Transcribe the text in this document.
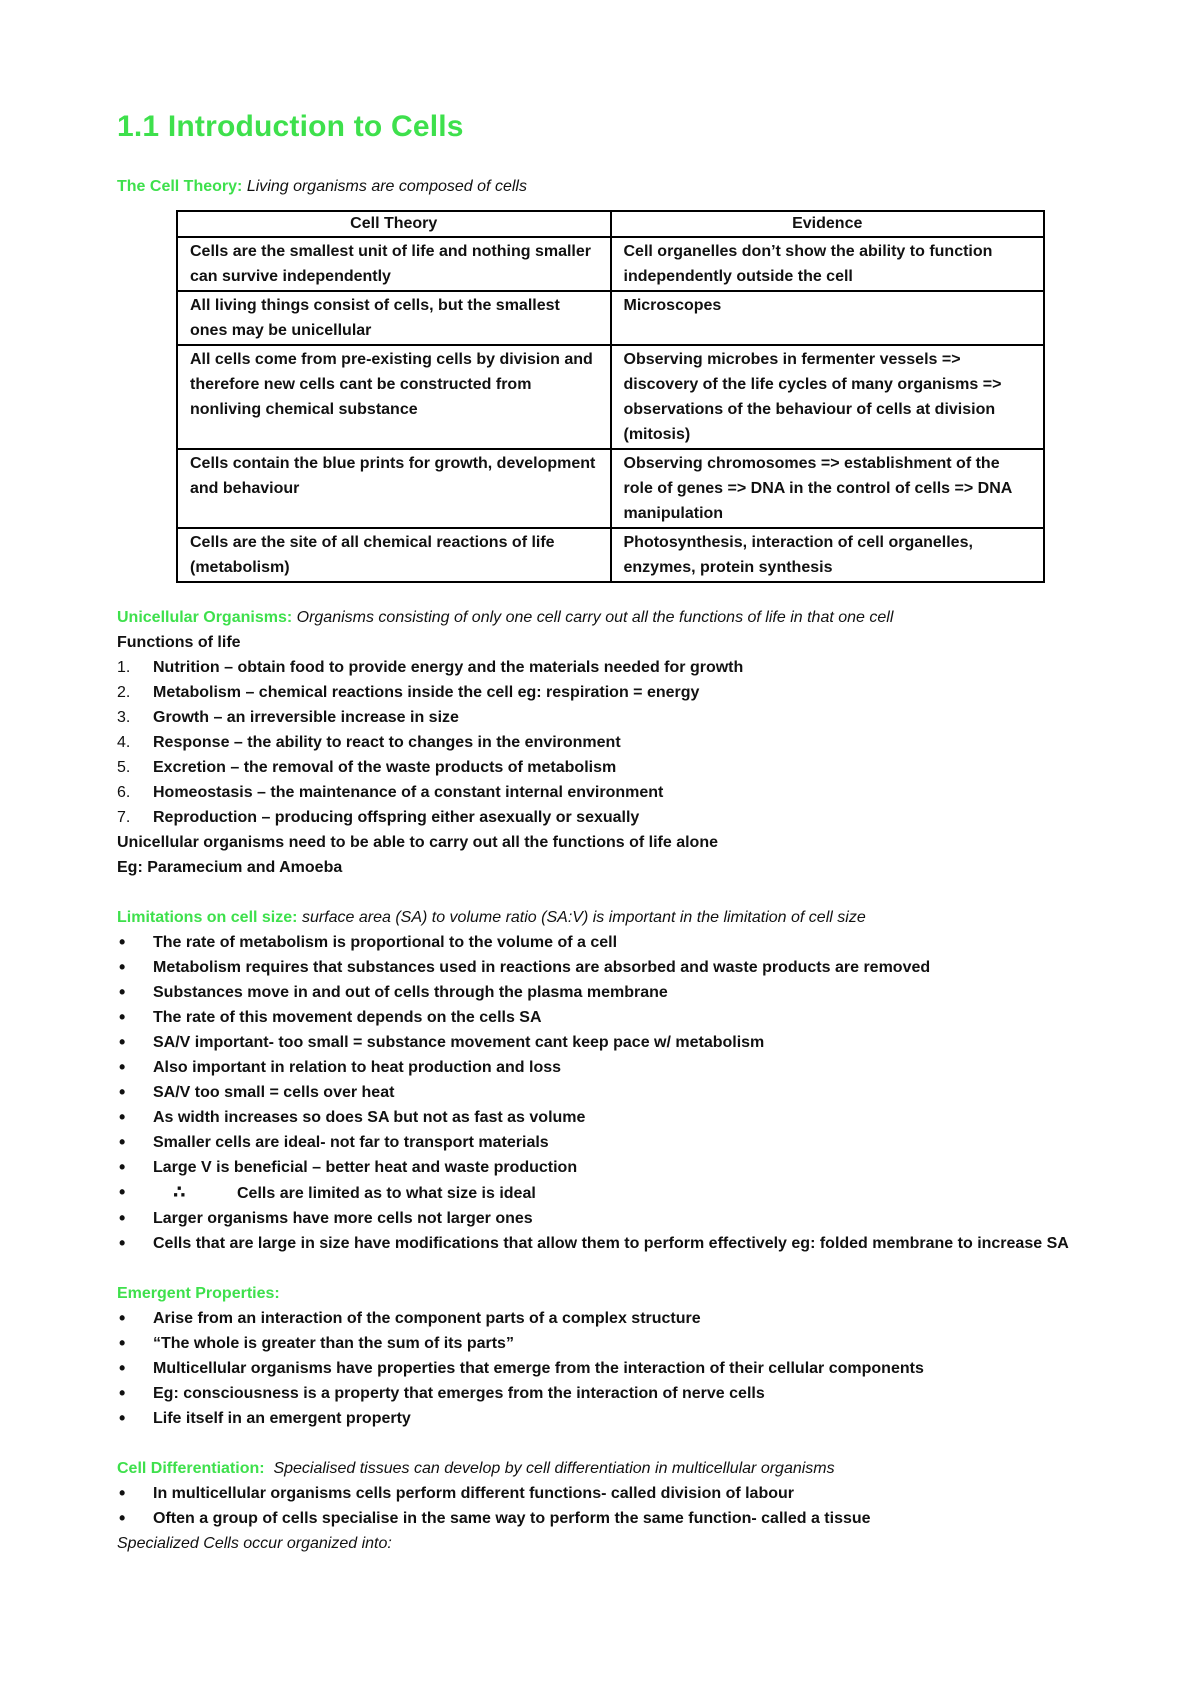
1.1 Introduction to Cells

The Cell Theory: Living organisms are composed of cells

Cell Theory	Evidence
Cells are the smallest unit of life and nothing smaller can survive independently	Cell organelles don’t show the ability to function independently outside the cell
All living things consist of cells, but the smallest ones may be unicellular	Microscopes
All cells come from pre-existing cells by division and therefore new cells cant be constructed from nonliving chemical substance	Observing microbes in fermenter vessels => discovery of the life cycles of many organisms => observations of the behaviour of cells at division (mitosis)
Cells contain the blue prints for growth, development and behaviour	Observing chromosomes => establishment of the role of genes => DNA in the control of cells => DNA manipulation
Cells are the site of all chemical reactions of life (metabolism)	Photosynthesis, interaction of cell organelles, enzymes, protein synthesis

Unicellular Organisms: Organisms consisting of only one cell carry out all the functions of life in that one cell

Functions of life

1. Nutrition – obtain food to provide energy and the materials needed for growth
2. Metabolism – chemical reactions inside the cell eg: respiration = energy
3. Growth – an irreversible increase in size
4. Response – the ability to react to changes in the environment
5. Excretion – the removal of the waste products of metabolism
6. Homeostasis – the maintenance of a constant internal environment
7. Reproduction – producing offspring either asexually or sexually

Unicellular organisms need to be able to carry out all the functions of life alone

Eg: Paramecium and Amoeba

Limitations on cell size: surface area (SA) to volume ratio (SA:V) is important in the limitation of cell size

• The rate of metabolism is proportional to the volume of a cell
• Metabolism requires that substances used in reactions are absorbed and waste products are removed
• Substances move in and out of cells through the plasma membrane
• The rate of this movement depends on the cells SA
• SA/V important- too small = substance movement cant keep pace w/ metabolism
• Also important in relation to heat production and loss
• SA/V too small = cells over heat
• As width increases so does SA but not as fast as volume
• Smaller cells are ideal- not far to transport materials
• Large V is beneficial – better heat and waste production
•	∴	Cells are limited as to what size is ideal
• Larger organisms have more cells not larger ones
• Cells that are large in size have modifications that allow them to perform effectively eg: folded membrane to increase SA

Emergent Properties:

• Arise from an interaction of the component parts of a complex structure
• “The whole is greater than the sum of its parts”
• Multicellular organisms have properties that emerge from the interaction of their cellular components
• Eg: consciousness is a property that emerges from the interaction of nerve cells
• Life itself in an emergent property

Cell Differentiation: Specialised tissues can develop by cell differentiation in multicellular organisms

• In multicellular organisms cells perform different functions- called division of labour
• Often a group of cells specialise in the same way to perform the same function- called a tissue

Specialized Cells occur organized into:
